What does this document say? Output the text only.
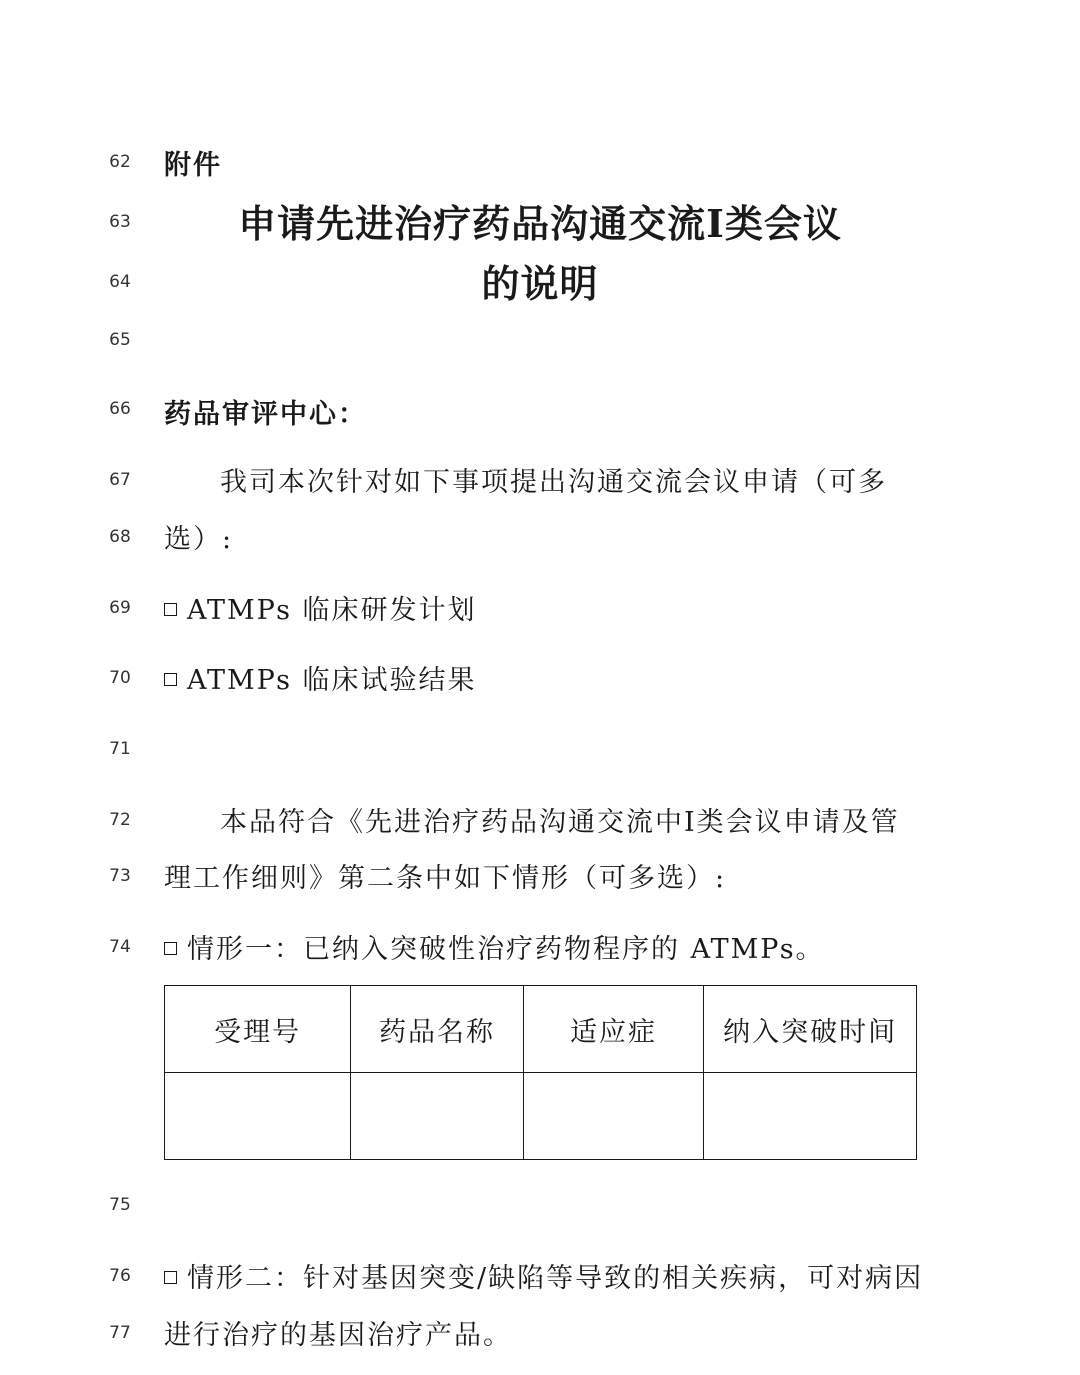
62
63
64
65
66
67
68
69
70
71
72
73
74
75
76
77
附件
申请先进治疗药品沟通交流Ⅰ类会议
的说明
药品审评中心：
我司本次针对如下事项提出沟通交流会议申请（可多
选）:
ATMPs 临床研发计划
ATMPs 临床试验结果
本品符合《先进治疗药品沟通交流中Ⅰ类会议申请及管
理工作细则》第二条中如下情形（可多选）:
情形一：已纳入突破性治疗药物程序的 ATMPs。
受理号	药品名称	适应症	纳入突破时间

情形二：针对基因突变/缺陷等导致的相关疾病，可对病因
进行治疗的基因治疗产品。
